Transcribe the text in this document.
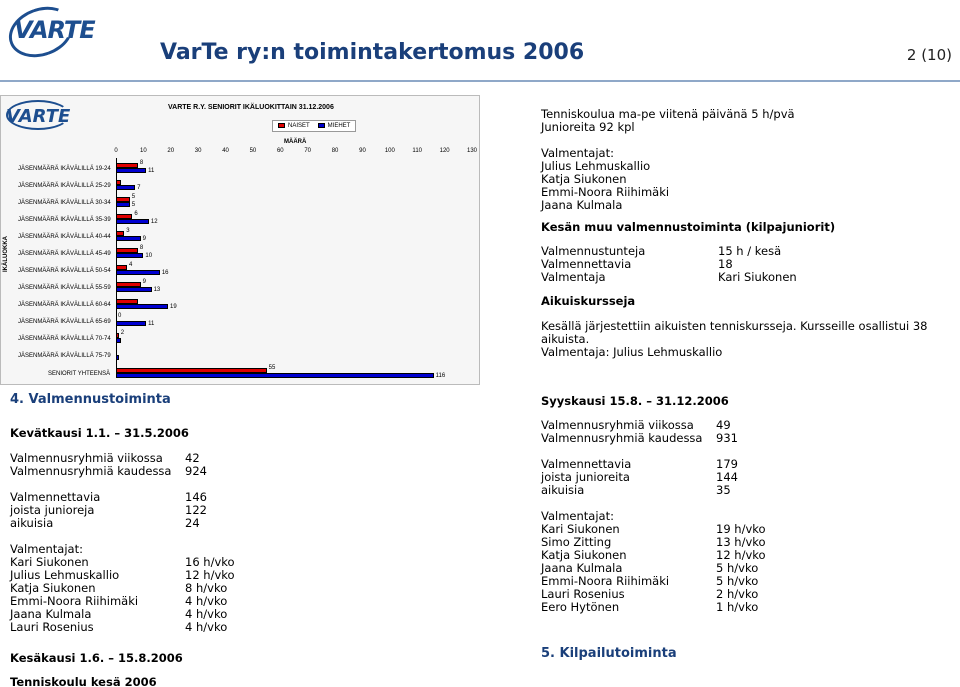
VARTE
VarTe ry:n toimintakertomus 2006	2 (10)
VARTE	VARTE R.Y. SENIORIT IKÄLUOKITTAIN 31.12.2006
NAISET	MIEHET
MÄÄRÄ
IKÄLUOKKA
0	10	20	30	40	50	60	70	80	90	100	110	120	130
JÄSENMÄÄRÄ IKÄVÄLILLÄ 19-24
8
11
JÄSENMÄÄRÄ IKÄVÄLILLÄ 25-29	7
JÄSENMÄÄRÄ IKÄVÄLILLÄ 30-34
5
5
JÄSENMÄÄRÄ IKÄVÄLILLÄ 35-39
6
12
JÄSENMÄÄRÄ IKÄVÄLILLÄ 40-44
3
9
JÄSENMÄÄRÄ IKÄVÄLILLÄ 45-49
8
10
JÄSENMÄÄRÄ IKÄVÄLILLÄ 50-54
4
16
JÄSENMÄÄRÄ IKÄVÄLILLÄ 55-59
9
13
JÄSENMÄÄRÄ IKÄVÄLILLÄ 60-64	19
JÄSENMÄÄRÄ IKÄVÄLILLÄ 65-69
0
11
JÄSENMÄÄRÄ IKÄVÄLILLÄ 70-74
2
JÄSENMÄÄRÄ IKÄVÄLILLÄ 75-79
SENIORIT YHTEENSÄ
55
116
Tenniskoulua ma-pe viitenä päivänä 5 h/pvä
Junioreita 92 kpl
Valmentajat:
Julius Lehmuskallio
Katja Siukonen
Emmi-Noora Riihimäki
Jaana Kulmala
Kesän muu valmennustoiminta (kilpajuniorit)
Valmennustunteja	15 h / kesä
Valmennettavia	18
Valmentaja	Kari Siukonen
Aikuiskurssejа
Kesällä järjestettiin aikuisten tenniskursseja. Kursseille osallistui 38 aikuista.
Valmentaja: Julius Lehmuskallio
4. Valmennustoiminta
Kevätkausi 1.1. – 31.5.2006
Valmennusryhmiä viikossa	42
Valmennusryhmiä kaudessa	924
Valmennettavia	146
joista junioreja	122
aikuisia	24
Valmentajat:
Kari Siukonen	16 h/vko
Julius Lehmuskallio	12 h/vko
Katja Siukonen	8 h/vko
Emmi-Noora Riihimäki	4 h/vko
Jaana Kulmala	4 h/vko
Lauri Rosenius	4 h/vko
Kesäkausi 1.6. – 15.8.2006
Tenniskoulu kesä 2006
Syyskausi 15.8. – 31.12.2006
Valmennusryhmiä viikossa	49
Valmennusryhmiä kaudessa	931
Valmennettavia	179
joista junioreita	144
aikuisia	35
Valmentajat:
Kari Siukonen	19 h/vko
Simo Zitting	13 h/vko
Katja Siukonen	12 h/vko
Jaana Kulmala	5 h/vko
Emmi-Noora Riihimäki	5 h/vko
Lauri Rosenius	2 h/vko
Eero Hytönen	1 h/vko
5. Kilpailutoiminta
